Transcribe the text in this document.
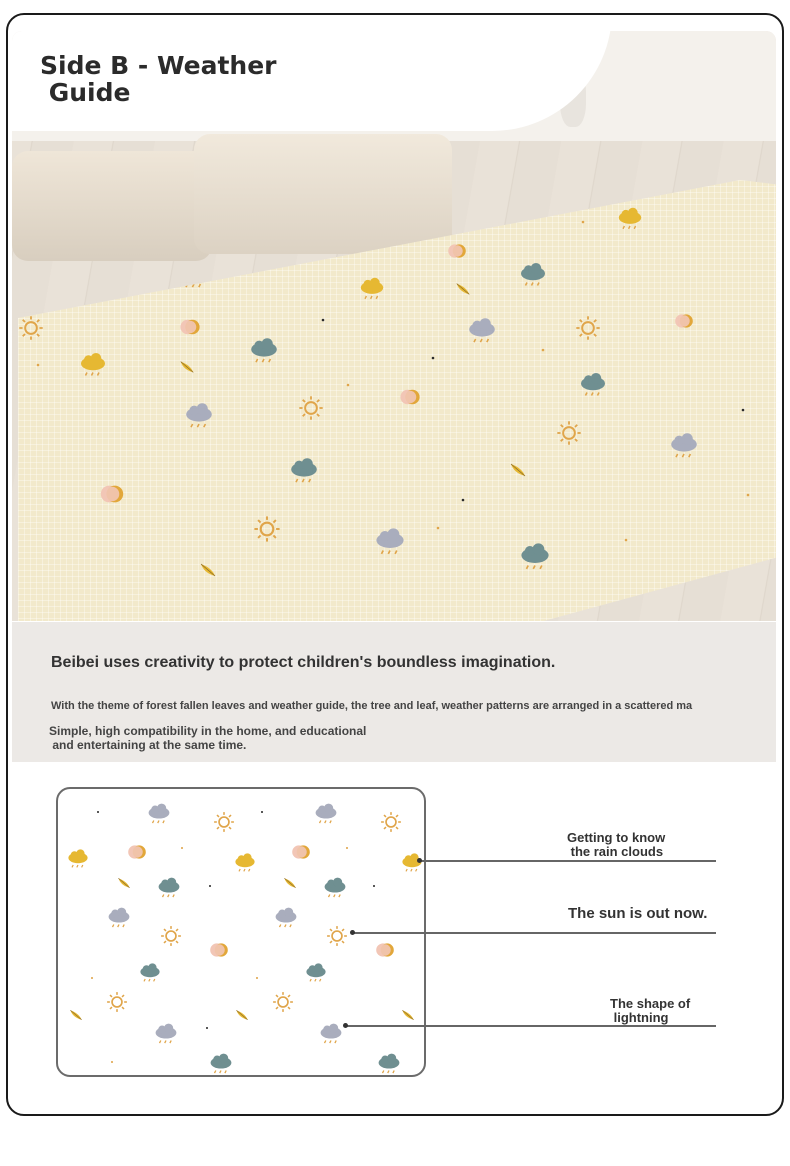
Side B - Weather
Guide
Beibei uses creativity to protect children's boundless imagination.
With the theme of forest fallen leaves and weather guide, the tree and leaf, weather patterns are arranged in a scattered ma
Simple, high compatibility in the home, and educational
and entertaining at the same time.
Getting to know
the rain clouds
The sun is out now.
The shape of
lightning
